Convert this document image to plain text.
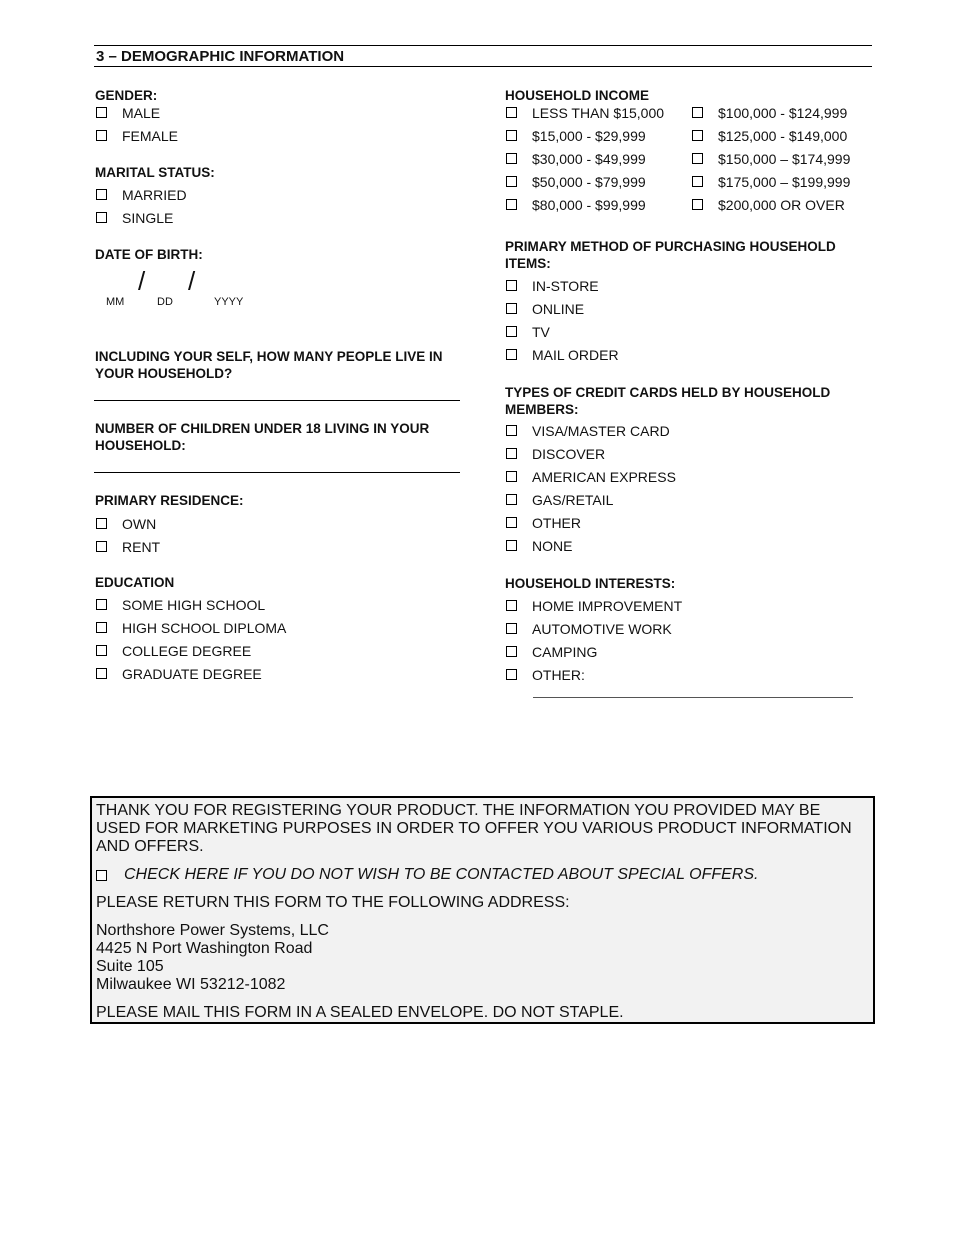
3 – DEMOGRAPHIC INFORMATION
GENDER:
MALE
FEMALE
MARITAL STATUS:
MARRIED
SINGLE
DATE OF BIRTH:
/ /
MM	DD	YYYY
INCLUDING YOUR SELF, HOW MANY PEOPLE LIVE IN YOUR HOUSEHOLD?
NUMBER OF CHILDREN UNDER 18 LIVING IN YOUR HOUSEHOLD:
PRIMARY RESIDENCE:
OWN
RENT
EDUCATION
SOME HIGH SCHOOL
HIGH SCHOOL DIPLOMA
COLLEGE DEGREE
GRADUATE DEGREE
HOUSEHOLD INCOME
LESS THAN $15,000
$15,000 - $29,999
$30,000 - $49,999
$50,000 - $79,999
$80,000 - $99,999
$100,000 - $124,999
$125,000 - $149,000
$150,000 – $174,999
$175,000 – $199,999
$200,000 OR OVER
PRIMARY METHOD OF PURCHASING HOUSEHOLD ITEMS:
IN-STORE
ONLINE
TV
MAIL ORDER
TYPES OF CREDIT CARDS HELD BY HOUSEHOLD MEMBERS:
VISA/MASTER CARD
DISCOVER
AMERICAN EXPRESS
GAS/RETAIL
OTHER
NONE
HOUSEHOLD INTERESTS:
HOME IMPROVEMENT
AUTOMOTIVE WORK
CAMPING
OTHER:

THANK YOU FOR REGISTERING YOUR PRODUCT. THE INFORMATION YOU PROVIDED MAY BE USED FOR MARKETING PURPOSES IN ORDER TO OFFER YOU VARIOUS PRODUCT INFORMATION AND OFFERS.

CHECK HERE IF YOU DO NOT WISH TO BE CONTACTED ABOUT SPECIAL OFFERS.

PLEASE RETURN THIS FORM TO THE FOLLOWING ADDRESS:

Northshore Power Systems, LLC
4425 N Port Washington Road
Suite 105
Milwaukee WI 53212-1082

PLEASE MAIL THIS FORM IN A SEALED ENVELOPE. DO NOT STAPLE.
